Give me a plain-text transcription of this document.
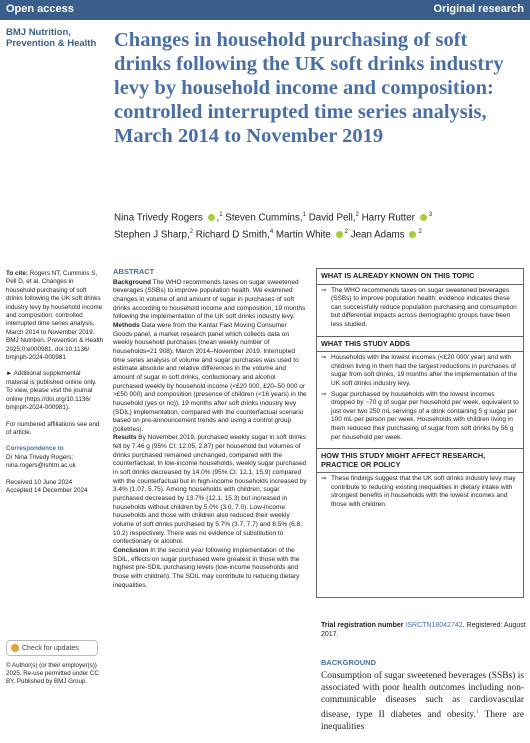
Open access	Original research
BMJ Nutrition,
Prevention & Health Changes in household purchasing of soft drinks following the UK soft drinks industry levy by household income and composition: controlled interrupted time series analysis, March 2014 to November 2019
Nina Trivedy Rogers ,$^1$ Steven Cummins,$^1$ David Pell,$^2$ Harry Rutter $^3$
Stephen J Sharp,$^2$ Richard D Smith,$^4$ Martin White $^2$ Jean Adams $^2$
To cite: Rogers NT, Cummins S, Pell D, et al. Changes in household purchasing of soft drinks following the UK soft drinks industry levy by household income and composition: controlled interrupted time series analysis, March 2014 to November 2019. BMJ Nutrition, Prevention & Health 2025;0:e000981. doi:10.1136/ bmjnph-2024-000981
► Additional supplemental material is published online only. To view, please visit the journal online (https://doi.org/10.1136/ bmjnph-2024-000981).
For numbered affiliations see end of article.
Correspondence to
Dr Nina Trivedy Rogers; nina.rogers@lshtm.ac.uk
Received 10 June 2024
Accepted 14 December 2024
Check for updates
© Author(s) (or their employer(s)) 2025. Re-use permitted under CC BY. Published by BMJ Group.
ABSTRACT

Background The WHO recommends taxes on sugar sweetened beverages (SSBs) to improve population health. We examined changes in volume of and amount of sugar in purchases of soft drinks according to household income and composition, 19 months following the implementation of the UK soft drinks industry levy.

Methods Data were from the Kantar Fast Moving Consumer Goods panel, a market research panel which collects data on weekly household purchases (mean weekly number of households=21 908), March 2014–November 2019. Interrupted time series analysis of volume and sugar purchases was used to estimate absolute and relative differences in the volume and amount of sugar in soft drinks, confectionary and alcohol purchased weekly by household income (<£20 000, £20–50 000 or >£50 000) and composition (presence of children (<16 years) in the household (yes or no)), 19 months after soft drinks industry levy (SDIL) implementation, compared with the counterfactual scenario based on pre-announcement trends and using a control group (toiletries).

Results By November 2019, purchased weekly sugar in soft drinks fell by 7.46 g (95% CI: 12.05, 2.87) per household but volumes of drinks purchased remained unchanged, compared with the counterfactual. In low-income households, weekly sugar purchased in soft drinks decreased by 14.0% (95% CI: 12.1, 15.9) compared with the counterfactual but in high-income households increased by 3.4% (1.07, 5.75). Among households with children, sugar purchased decreased by 13.7% (12.1, 15.3) but increased in households without children by 5.0% (3.0, 7.0). Low-income households and those with children also reduced their weekly volume of soft drinks purchased by 5.7% (3.7, 7.7) and 8.5% (6.8, 10.2) respectively. There was no evidence of substitution to confectionary or alcohol.

Conclusion In the second year following implementation of the SDIL, effects on sugar purchased were greatest in those with the highest pre-SDIL purchasing levels (low-income households and those with children). The SDIL may contribute to reducing dietary inequalities.

WHAT IS ALREADY KNOWN ON THIS TOPIC
⇒ The WHO recommends taxes on sugar sweetened beverages (SSBs) to improve population health; evidence indicates these can successfully reduce population purchasing and consumption but differential impacts across demographic groups have been less studied.
WHAT THIS STUDY ADDS
⇒ Households with the lowest incomes (<£20 000/ year) and with children living in them had the largest reductions in purchases of sugar from soft drinks, 19 months after the implementation of the UK soft drinks industry levy.
⇒ Sugar purchased by households with the lowest incomes dropped by ~70 g of sugar per household per week, equivalent to just over two 250 mL servings of a drink containing 5 g sugar per 100 mL per person per week. Households with children living in them reduced their purchasing of sugar from soft drinks by 56 g per household per week.
HOW THIS STUDY MIGHT AFFECT RESEARCH, PRACTICE OR POLICY
⇒ These findings suggest that the UK soft drinks industry levy may contribute to reducing existing inequalities in dietary intake with strongest benefits in households with the lowest incomes and those with children.
Trial registration number ISRCTN18042742. Registered: August 2017.
BACKGROUND

Consumption of sugar sweetened beverages (SSBs) is associated with poor health outcomes including non-communicable diseases such as cardiovascular disease, type II diabetes and obesity.$^1$ There are inequalities
